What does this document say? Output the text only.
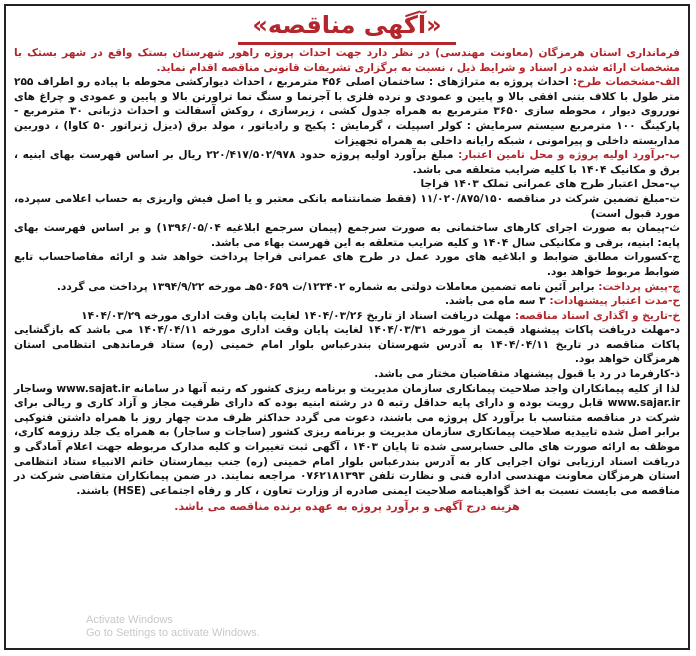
«آگهی مناقصه»

فرمانداری استان هرمزگان (معاونت مهندسی) در نظر دارد جهت احداث پروژه راهور شهرستان بستک واقع در شهر بستک با مشخصات ارائه شده در اسناد و شرایط ذیل ، نسبت به برگزاری تشریفات قانونی مناقصه اقدام نماید.

الف-مشخصات طرح: احداث پروژه به متراژهای : ساختمان اصلی ۴۵۶ مترمربع ، احداث دیوارکشی محوطه با پیاده رو اطراف ۲۵۵ متر طول با کلاف بتنی افقی بالا و پایین و عمودی و نرده فلزی با آجرنما و سنگ نما تراورتن بالا و پایین و عمودی و چراغ های نورروی دیوار ، محوطه سازی ۳۶۵۰ مترمربع به همراه جدول کشی ، زیرسازی ، روکش آسفالت و احداث دژبانی ۳۰ مترمربع - پارکینگ ۱۰۰ مترمربع سیستم سرمایش : کولر اسپیلت ، گرمایش : پکیج و رادیاتور ، مولد برق (دیزل ژنراتور ۵۰ کاوا) ، دوربین مداربسته داخلی و پیرامونی ، شبکه رایانه داخلی به همراه تجهیزات

ب-برآورد اولیه پروژه و محل تامین اعتبار: مبلغ برآورد اولیه پروژه حدود ۲۲۰/۴۱۷/۵۰۲/۹۷۸ ریال بر اساس فهرست بهای ابنیه ، برق و مکانیک ۱۴۰۴ با کلیه ضرایب متعلقه می باشد.

پ-محل اعتبار طرح های عمرانی تملک ۱۴۰۳ فراجا

ت-مبلغ تضمین شرکت در مناقصه ۱۱/۰۲۰/۸۷۵/۱۵۰ (فقط ضمانتنامه بانکی معتبر و یا اصل فیش واریزی به حساب اعلامی سپرده، مورد قبول است)

ث-پیمان به صورت اجرای کارهای ساختمانی به صورت سرجمع (پیمان سرجمع ابلاغیه ۱۳۹۶/۰۵/۰۴) و بر اساس فهرست بهای پایه: ابنیه، برقی و مکانیکی سال ۱۴۰۴ و کلیه ضرایب متعلقه به این فهرست بهاء می باشد.

ج-کسورات مطابق ضوابط و ابلاغیه های مورد عمل در طرح های عمرانی فراجا پرداخت خواهد شد و ارائه مفاصاحساب تابع ضوابط مربوط خواهد بود.

چ-پیش پرداخت: برابر آئین نامه تضمین معاملات دولتی به شماره ۱۲۳۴۰۲/ت ۵۰۶۵۹هـ مورخه ۱۳۹۴/۹/۲۲ پرداخت می گردد.

ح-مدت اعتبار پیشنهادات: ۳ سه ماه می باشد.

خ-تاریخ و اگذاری اسناد مناقصه: مهلت دریافت اسناد از تاریخ ۱۴۰۴/۰۳/۲۶ لغایت پایان وقت اداری مورخه ۱۴۰۴/۰۳/۲۹

د-مهلت دریافت پاکات پیشنهاد قیمت از مورخه ۱۴۰۴/۰۳/۳۱ لغایت پایان وقت اداری مورخه ۱۴۰۴/۰۴/۱۱ می باشد که بازگشایی پاکات مناقصه در تاریخ ۱۴۰۴/۰۴/۱۱ به آدرس شهرستان بندرعباس بلوار امام خمینی (ره) ستاد فرماندهی انتظامی استان هرمزگان خواهد بود.

ذ-کارفرما در رد یا قبول پیشنهاد متقاضیان مختار می باشد.

لذا از کلیه پیمانکاران واجد صلاحیت پیمانکاری سازمان مدیریت و برنامه ریزی کشور که رتبه آنها در سامانه www.sajat.ir وساجار www.sajar.ir قابل رویت بوده و دارای پایه حداقل رتبه ۵ در رشته ابنیه بوده که دارای ظرفیت مجاز و آزاد کاری و ریالی برای شرکت در مناقصه متناسب با برآورد کل پروژه می باشند، دعوت می گردد حداکثر ظرف مدت چهار روز با همراه داشتن فتوکپی برابر اصل شده تاییدیه صلاحیت پیمانکاری سازمان مدیریت و برنامه ریزی کشور (ساجات و ساجار) به همراه یک جلد رزومه کاری، موظف به ارائه صورت های مالی حسابرسی شده تا پایان ۱۴۰۳ ، آگهی ثبت تغییرات و کلیه مدارک مربوطه جهت اعلام آمادگی و دریافت اسناد ارزیابی توان اجرایی کار به آدرس بندرعباس بلوار امام خمینی (ره) جنب بیمارستان خاتم الانبیاء ستاد انتظامی استان هرمزگان معاونت مهندسی اداره فنی و نظارت تلفن ۰۷۶۲۱۸۱۳۹۳ مراجعه نمایند. در ضمن پیمانکاران متقاضی شرکت در مناقصه می بایست نسبت به اخذ گواهینامه صلاحیت ایمنی صادره از وزارت تعاون ، کار و رفاه اجتماعی (HSE) باشند.

هزینه درج آگهی و برآورد پروژه به عهده برنده مناقصه می باشد.
Activate Windows
Go to Settings to activate Windows.
